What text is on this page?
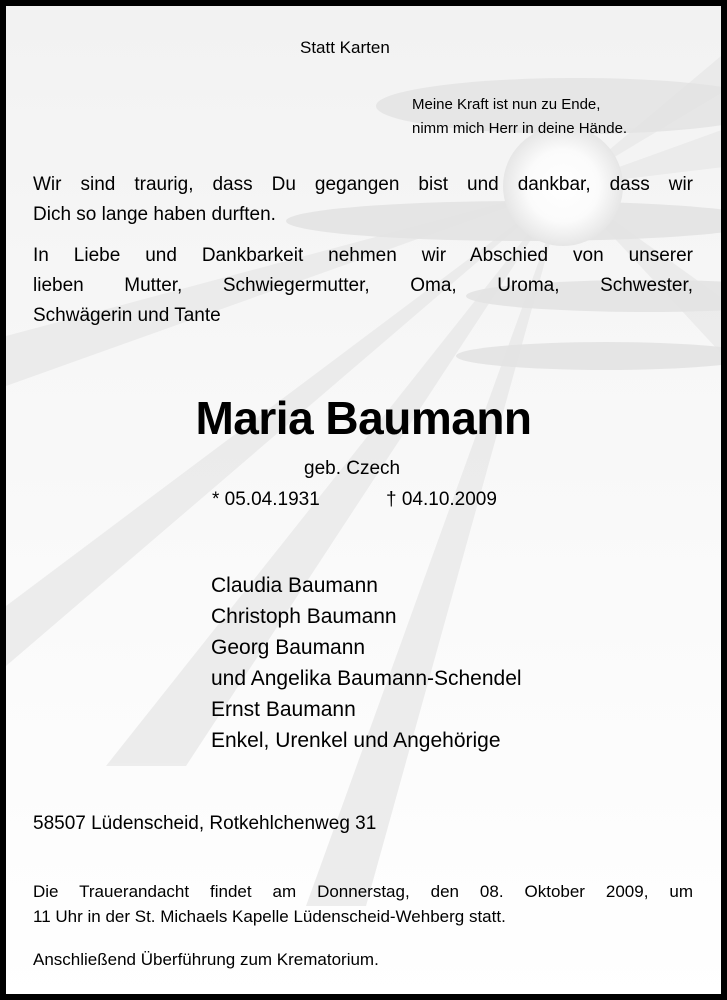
Statt Karten

Meine Kraft ist nun zu Ende,

nimm mich Herr in deine Hände.

Wir sind traurig, dass Du gegangen bist und dankbar, dass wir

Dich so lange haben durften.

In Liebe und Dankbarkeit nehmen wir Abschied von unserer

lieben Mutter, Schwiegermutter, Oma, Uroma, Schwester,

Schwägerin und Tante

Maria Baumann

geb. Czech

* 05.04.1931	† 04.10.2009

Claudia Baumann

Christoph Baumann

Georg Baumann

und Angelika Baumann-Schendel

Ernst Baumann

Enkel, Urenkel und Angehörige

58507 Lüdenscheid, Rotkehlchenweg 31

Die Trauerandacht findet am Donnerstag, den 08. Oktober 2009, um

11 Uhr in der St. Michaels Kapelle Lüdenscheid-Wehberg statt.

Anschließend Überführung zum Krematorium.
